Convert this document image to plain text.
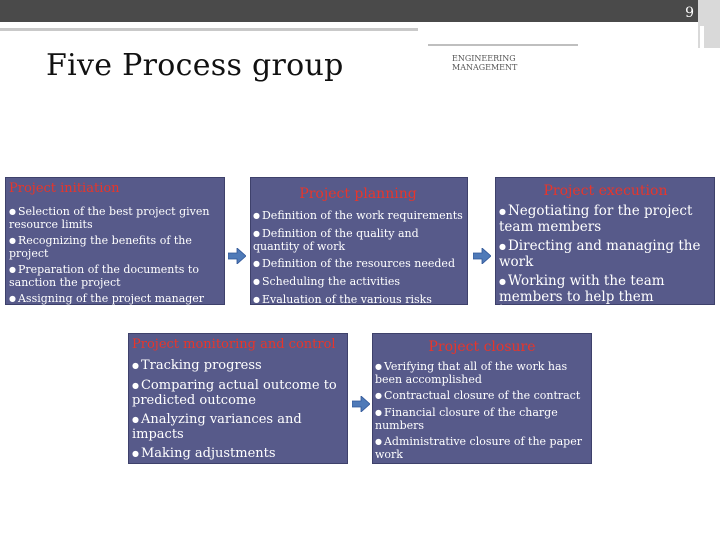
9
Five Process group	ENGINEERING MANAGEMENT
Project initiation
● Selection of the best project given resource limits
● Recognizing the benefits of the project
● Preparation of the documents to sanction the project
● Assigning of the project manager
Project planning
● Definition of the work requirements
● Definition of the quality and quantity of work
● Definition of the resources needed
● Scheduling the activities
● Evaluation of the various risks
Project execution
● Negotiating for the project team members
● Directing and managing the work
● Working with the team members to help them improve
Project monitoring and control
● Tracking progress
● Comparing actual outcome to predicted outcome
● Analyzing variances and impacts
● Making adjustments
Project closure
● Verifying that all of the work has been accomplished
● Contractual closure of the contract
● Financial closure of the charge numbers
● Administrative closure of the paper work
